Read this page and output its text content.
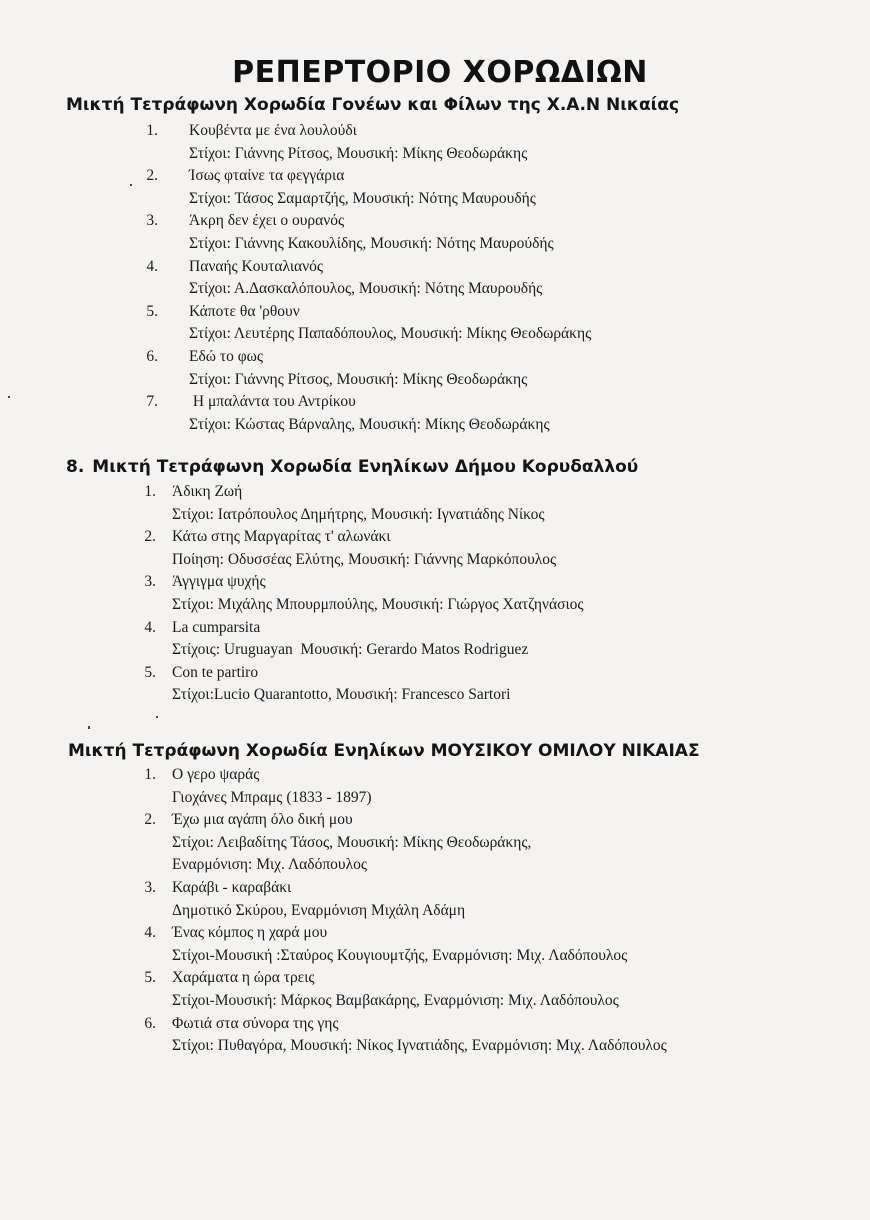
ΡΕΠΕΡΤΟΡΙΟ ΧΟΡΩΔΙΩΝ
Μικτή Τετράφωνη Χορωδία Γονέων και Φίλων της Χ.Α.Ν Νικαίας
1.	Κουβέντα με ένα λουλούδι
Στίχοι: Γιάννης Ρίτσος, Μουσική: Μίκης Θεοδωράκης
2.	Ίσως φταίνε τα φεγγάρια
Στίχοι: Τάσος Σαμαρτζής, Μουσική: Νότης Μαυρουδής
3.	Άκρη δεν έχει ο ουρανός
Στίχοι: Γιάννης Κακουλίδης, Μουσική: Νότης Μαυρούδής
4.	Παναής Κουταλιανός
Στίχοι: Α.Δασκαλόπουλος, Μουσική: Νότης Μαυρουδής
5.	Κάποτε θα 'ρθουν
Στίχοι: Λευτέρης Παπαδόπουλος, Μουσική: Μίκης Θεοδωράκης
6.	Εδώ το φως
Στίχοι: Γιάννης Ρίτσος, Μουσική: Μίκης Θεοδωράκης
7.	Η μπαλάντα του Αντρίκου
Στίχοι: Κώστας Βάρναλης, Μουσική: Μίκης Θεοδωράκης
8. Μικτή Τετράφωνη Χορωδία Ενηλίκων Δήμου Κορυδαλλού
1.	Άδικη Ζωή
Στίχοι: Ιατρόπουλος Δημήτρης, Μουσική: Ιγνατιάδης Νίκος
2.	Κάτω στης Μαργαρίτας τ' αλωνάκι
Ποίηση: Οδυσσέας Ελύτης, Μουσική: Γιάννης Μαρκόπουλος
3.	Άγγιγμα ψυχής
Στίχοι: Μιχάλης Μπουρμπούλης, Μουσική: Γιώργος Χατζηνάσιος
4.	La cumparsita
Στίχοις: Uruguayan  Μουσική: Gerardo Matos Rodriguez
5.	Con te partiro
Στίχοι:Lucio Quarantotto, Μουσική: Francesco Sartori
Μικτή Τετράφωνη Χορωδία Ενηλίκων ΜΟΥΣΙΚΟΥ ΟΜΙΛΟΥ ΝΙΚΑΙΑΣ
1.	Ο γερο ψαράς
Γιοχάνες Μπραμς (1833 - 1897)
2.	Έχω μια αγάπη όλο δική μου
Στίχοι: Λειβαδίτης Τάσος, Μουσική: Μίκης Θεοδωράκης,
Εναρμόνιση: Μιχ. Λαδόπουλος
3.	Καράβι - καραβάκι
Δημοτικό Σκύρου, Εναρμόνιση Μιχάλη Αδάμη
4.	Ένας κόμπος η χαρά μου
Στίχοι-Μουσική :Σταύρος Κουγιουμτζής, Εναρμόνιση: Μιχ. Λαδόπουλος
5.	Χαράματα η ώρα τρεις
Στίχοι-Μουσική: Μάρκος Βαμβακάρης, Εναρμόνιση: Μιχ. Λαδόπουλος
6.	Φωτιά στα σύνορα της γης
Στίχοι: Πυθαγόρα, Μουσική: Νίκος Ιγνατιάδης, Εναρμόνιση: Μιχ. Λαδόπουλος
